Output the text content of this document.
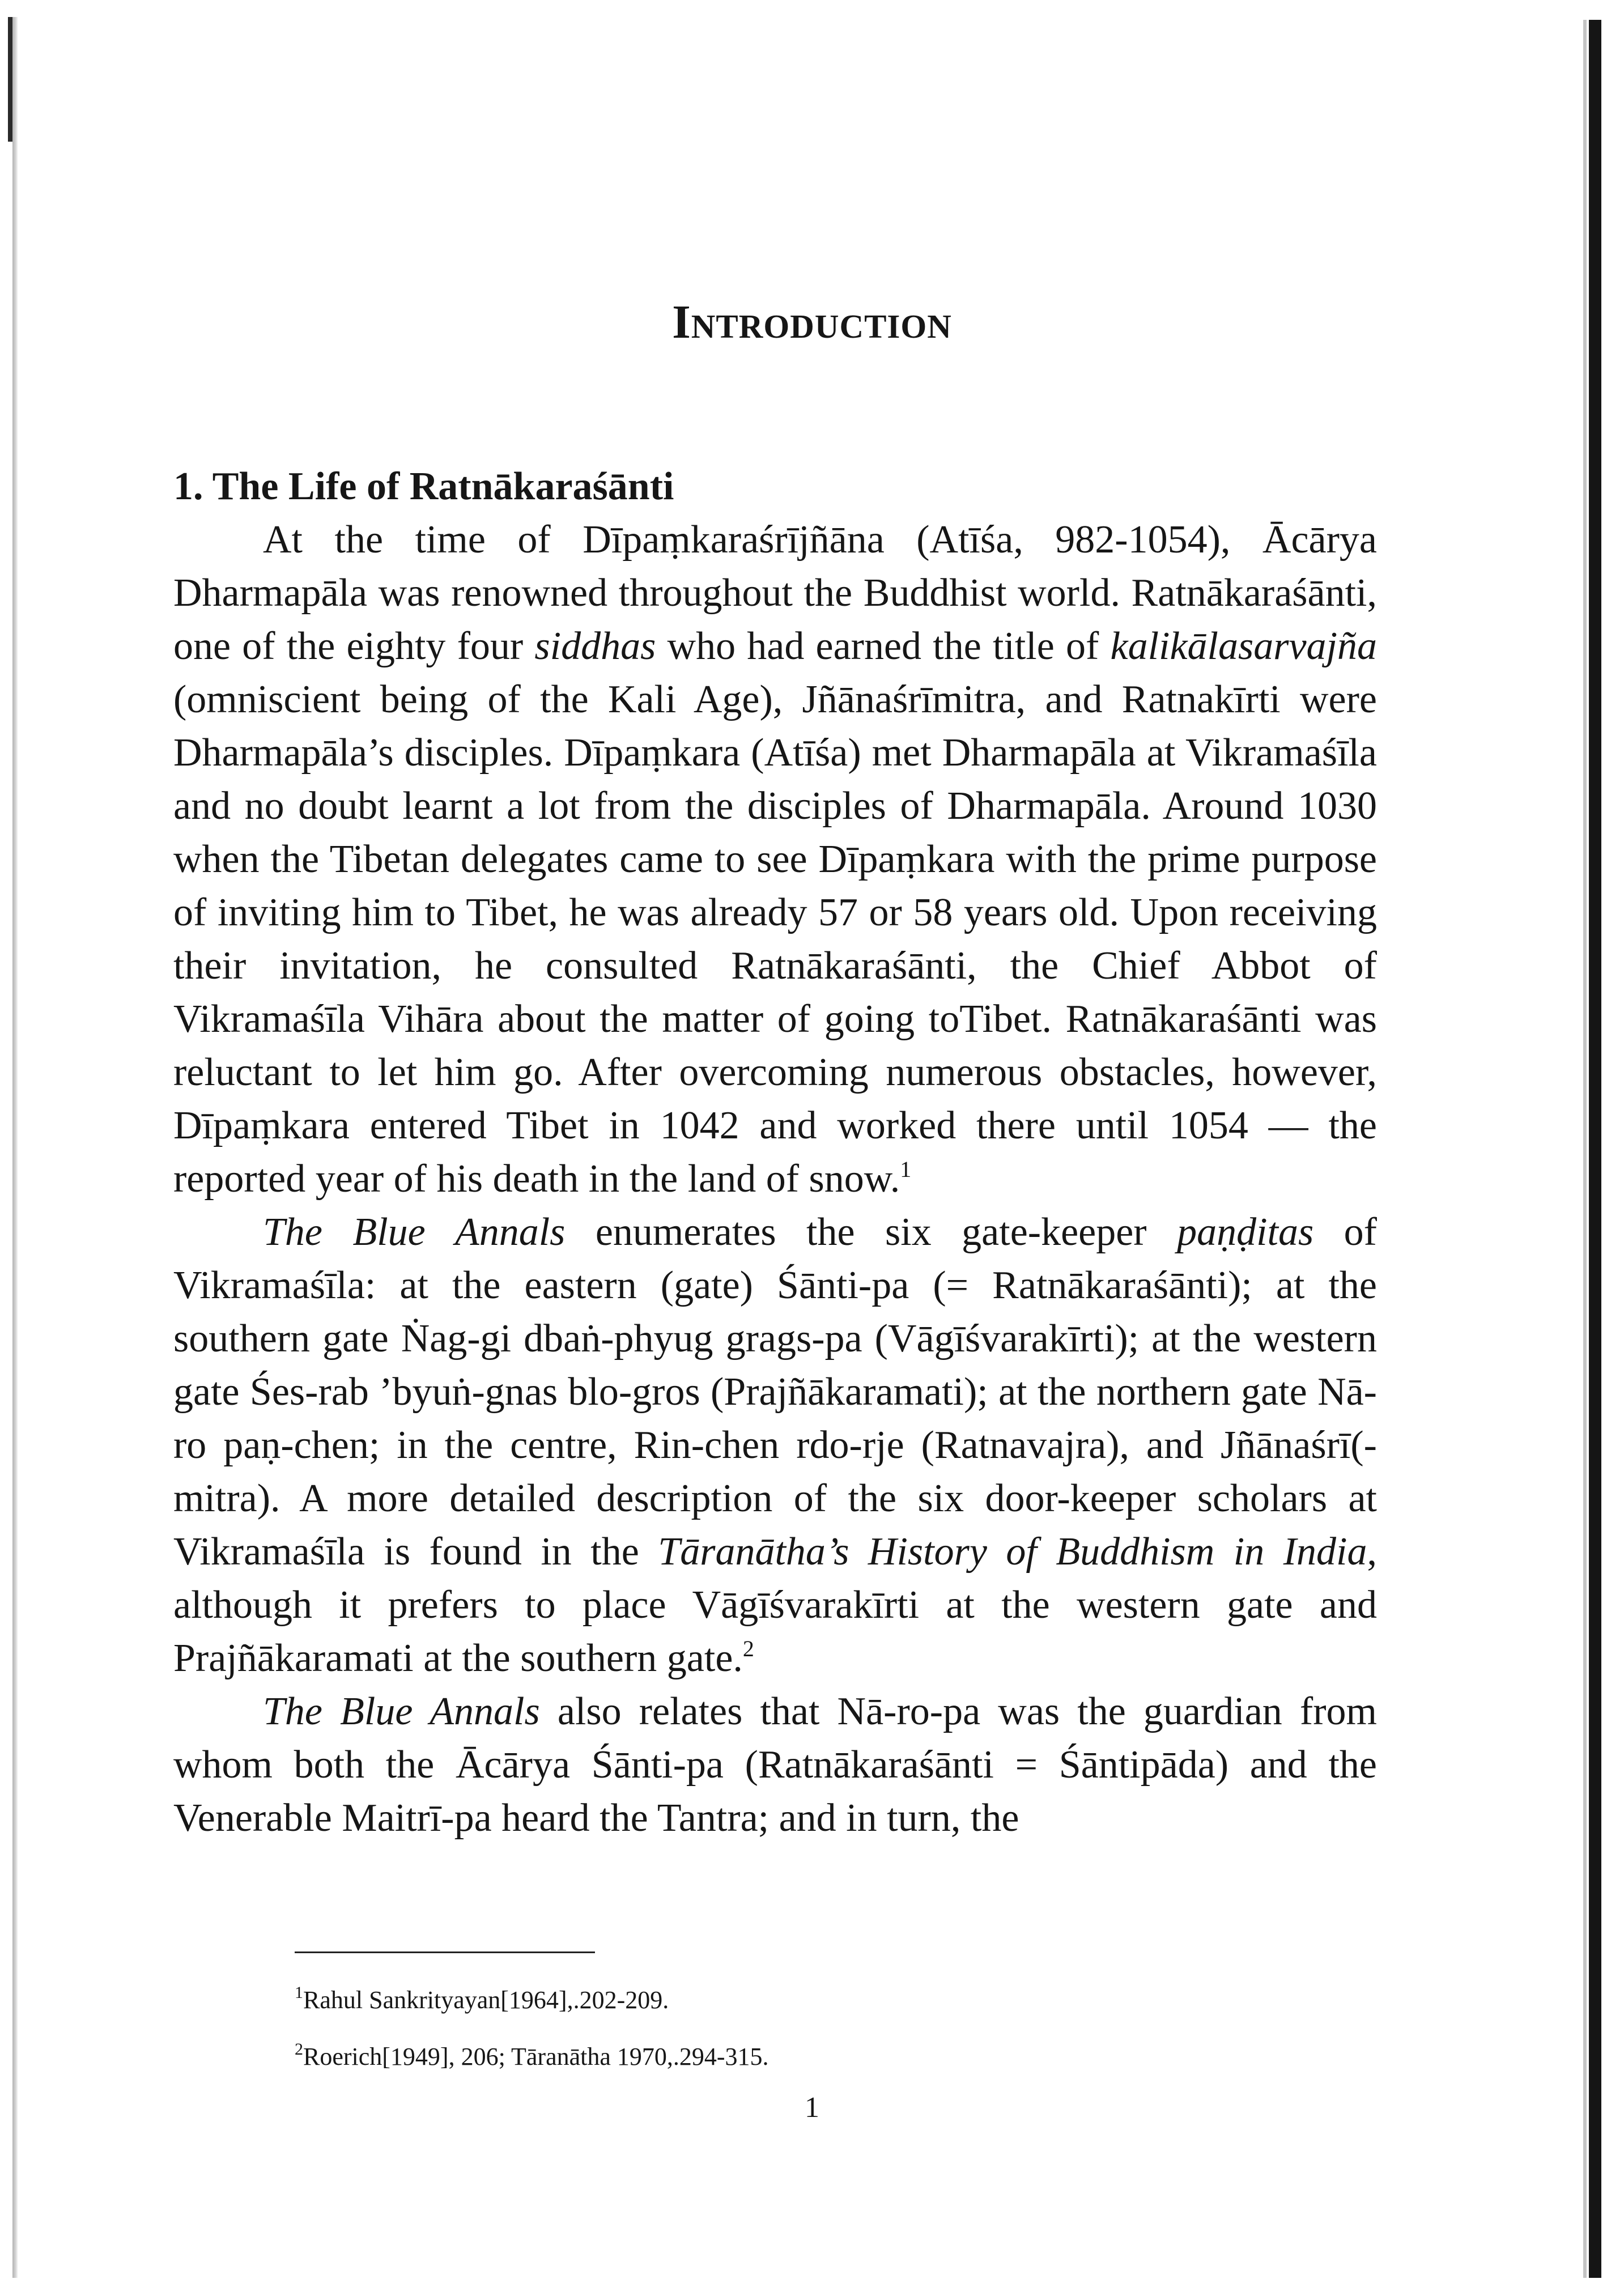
Introduction
1. The Life of Ratnākaraśānti

At the time of Dīpaṃkaraśrījñāna (Atīśa, 982-1054), Ācārya Dharmapāla was renowned throughout the Buddhist world. Ratnākaraśānti, one of the eighty four siddhas who had earned the title of kalikālasarvajña (omniscient being of the Kali Age), Jñānaśrīmitra, and Ratnakīrti were Dharmapāla’s disciples. Dīpaṃkara (Atīśa) met Dharmapāla at Vikramaśīla and no doubt learnt a lot from the disciples of Dharmapāla. Around 1030 when the Tibetan delegates came to see Dīpaṃkara with the prime purpose of inviting him to Tibet, he was already 57 or 58 years old. Upon receiving their invitation, he consulted Ratnākaraśānti, the Chief Abbot of Vikramaśīla Vihāra about the matter of going toTibet. Ratnākaraśānti was reluctant to let him go. After overcoming numerous obstacles, however, Dīpaṃkara entered Tibet in 1042 and worked there until 1054 — the reported year of his death in the land of snow.$^1$

The Blue Annals enumerates the six gate-keeper paṇḍitas of Vikramaśīla: at the eastern (gate) Śānti-pa (= Ratnākaraśānti); at the southern gate Ṅag-gi dbaṅ-phyug grags-pa (Vāgīśvarakīrti); at the western gate Śes-rab ’byuṅ-gnas blo-gros (Prajñākaramati); at the northern gate Nā-ro paṇ-chen; in the centre, Rin-chen rdo-rje (Ratnavajra), and Jñānaśrī(-mitra). A more detailed description of the six door-keeper scholars at Vikramaśīla is found in the Tāranātha’s History of Buddhism in India, although it prefers to place Vāgīśvarakīrti at the western gate and Prajñākaramati at the southern gate.$^2$

The Blue Annals also relates that Nā-ro-pa was the guardian from whom both the Ācārya Śānti-pa (Ratnākaraśānti = Śāntipāda) and the Venerable Maitrī-pa heard the Tantra; and in turn, the

$^1$Rahul Sankrityayan[1964],.202-209.
$^2$Roerich[1949], 206; Tāranātha 1970,.294-315.
1
